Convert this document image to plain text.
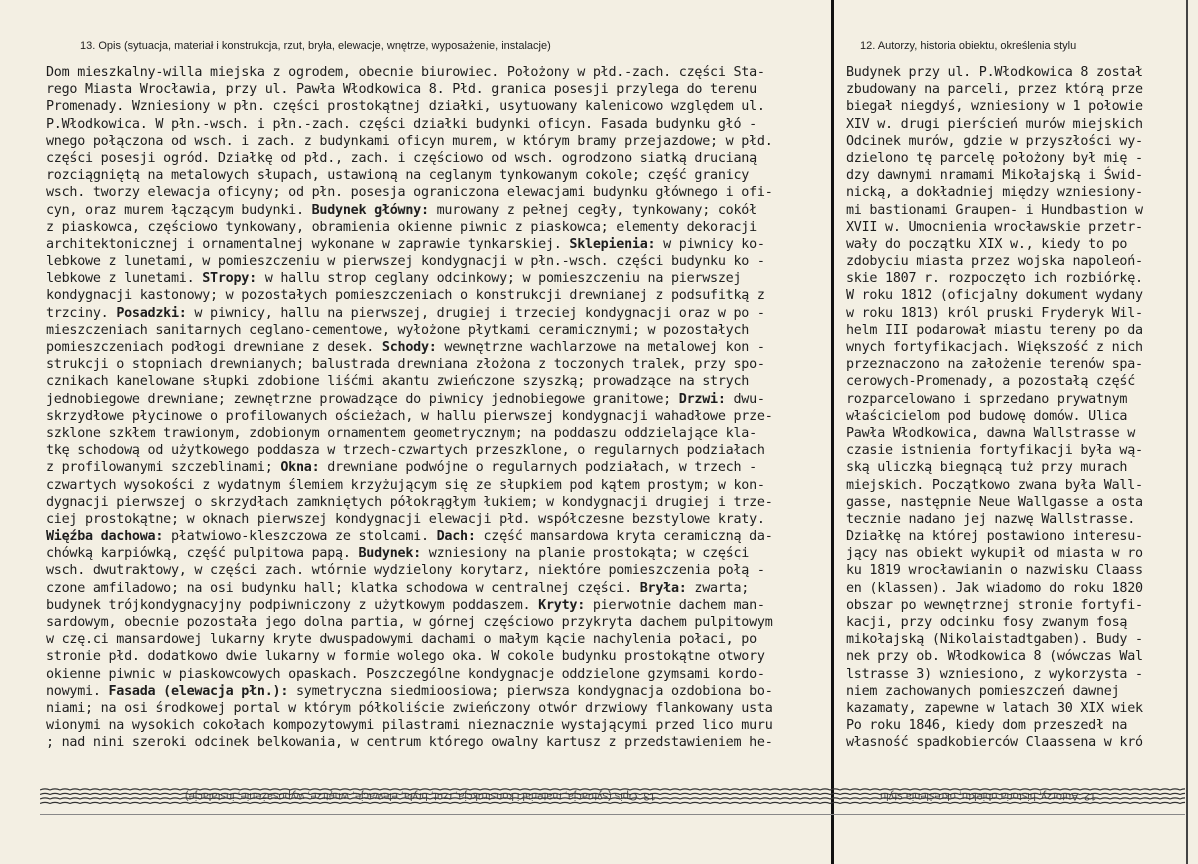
13. Opis (sytuacja, materiał i konstrukcja, rzut, bryła, elewacje, wnętrze, wyposażenie, instalacje)	12. Autorzy, historia obiektu, określenia stylu
Dom mieszkalny-willa miejska z ogrodem, obecnie biurowiec. Położony w płd.-zach. części Sta-
rego Miasta Wrocławia, przy ul. Pawła Włodkowica 8. Płd. granica posesji przylega do terenu
Promenady. Wzniesiony w płn. części prostokątnej działki, usytuowany kalenicowo względem ul.
P.Włodkowica. W płn.-wsch. i płn.-zach. części działki budynki oficyn. Fasada budynku głó -
wnego połączona od wsch. i zach. z budynkami oficyn murem, w którym bramy przejazdowe; w płd.
części posesji ogród. Działkę od płd., zach. i częściowo od wsch. ogrodzono siatką drucianą
rozciągniętą na metalowych słupach, ustawioną na ceglanym tynkowanym cokole; część granicy
wsch. tworzy elewacja oficyny; od płn. posesja ograniczona elewacjami budynku głównego i ofi-
cyn, oraz murem łączącym budynki. Budynek główny: murowany z pełnej cegły, tynkowany; cokół
z piaskowca, częściowo tynkowany, obramienia okienne piwnic z piaskowca; elementy dekoracji
architektonicznej i ornamentalnej wykonane w zaprawie tynkarskiej. Sklepienia: w piwnicy ko-
lebkowe z lunetami, w pomieszczeniu w pierwszej kondygnacji w płn.-wsch. części budynku ko -
lebkowe z lunetami. STropy: w hallu strop ceglany odcinkowy; w pomieszczeniu na pierwszej
kondygnacji kastonowy; w pozostałych pomieszczeniach o konstrukcji drewnianej z podsufitką z
trzciny. Posadzki: w piwnicy, hallu na pierwszej, drugiej i trzeciej kondygnacji oraz w po -
mieszczeniach sanitarnych ceglano-cementowe, wyłożone płytkami ceramicznymi; w pozostałych
pomieszczeniach podłogi drewniane z desek. Schody: wewnętrzne wachlarzowe na metalowej kon -
strukcji o stopniach drewnianych; balustrada drewniana złożona z toczonych tralek, przy spo-
cznikach kanelowane słupki zdobione liśćmi akantu zwieńczone szyszką; prowadzące na strych
jednobiegowe drewniane; zewnętrzne prowadzące do piwnicy jednobiegowe granitowe; Drzwi: dwu-
skrzydłowe płycinowe o profilowanych ościeżach, w hallu pierwszej kondygnacji wahadłowe prze-
szklone szkłem trawionym, zdobionym ornamentem geometrycznym; na poddaszu oddzielające kla-
tkę schodową od użytkowego poddasza w trzech-czwartych przeszklone, o regularnych podziałach
z profilowanymi szczeblinami; Okna: drewniane podwójne o regularnych podziałach, w trzech -
czwartych wysokości z wydatnym ślemiem krzyżującym się ze słupkiem pod kątem prostym; w kon-
dygnacji pierwszej o skrzydłach zamkniętych półokrągłym łukiem; w kondygnacji drugiej i trze-
ciej prostokątne; w oknach pierwszej kondygnacji elewacji płd. współczesne bezstylowe kraty.
Więźba dachowa: płatwiowo-kleszczowa ze stolcami. Dach: część mansardowa kryta ceramiczną da-
chówką karpiówką, część pulpitowa papą. Budynek: wzniesiony na planie prostokąta; w części
wsch. dwutraktowy, w części zach. wtórnie wydzielony korytarz, niektóre pomieszczenia połą -
czone amfiladowo; na osi budynku hall; klatka schodowa w centralnej części. Bryła: zwarta;
budynek trójkondygnacyjny podpiwniczony z użytkowym poddaszem. Kryty: pierwotnie dachem man-
sardowym, obecnie pozostała jego dolna partia, w górnej częściowo przykryta dachem pulpitowym
w czę.ci mansardowej lukarny kryte dwuspadowymi dachami o małym kącie nachylenia połaci, po
stronie płd. dodatkowo dwie lukarny w formie wolego oka. W cokole budynku prostokątne otwory
okienne piwnic w piaskowcowych opaskach. Poszczególne kondygnacje oddzielone gzymsami kordo-
nowymi. Fasada (elewacja płn.): symetryczna siedmioosiowa; pierwsza kondygnacja ozdobiona bo-
niami; na osi środkowej portal w którym półkoliście zwieńczony otwór drzwiowy flankowany usta
wionymi na wysokich cokołach kompozytowymi pilastrami nieznacznie wystającymi przed lico muru
; nad nini szeroki odcinek belkowania, w centrum którego owalny kartusz z przedstawieniem he-
Budynek przy ul. P.Włodkowica 8 został
zbudowany na parceli, przez którą prze
biegał niegdyś, wzniesiony w 1 połowie
XIV w. drugi pierścień murów miejskich
Odcinek murów, gdzie w przyszłości wy-
dzielono tę parcelę położony był mię -
dzy dawnymi nramami Mikołajską i Świd-
nicką, a dokładniej między wzniesiony-
mi bastionami Graupen- i Hundbastion w
XVII w. Umocnienia wrocławskie przetr-
wały do początku XIX w., kiedy to po
zdobyciu miasta przez wojska napoleoń-
skie 1807 r. rozpoczęto ich rozbiórkę.
W roku 1812 (oficjalny dokument wydany
w roku 1813) król pruski Fryderyk Wil-
helm III podarował miastu tereny po da
wnych fortyfikacjach. Większość z nich
przeznaczono na założenie terenów spa-
cerowych-Promenady, a pozostałą część
rozparcelowano i sprzedano prywatnym
właścicielom pod budowę domów. Ulica
Pawła Włodkowica, dawna Wallstrasse w
czasie istnienia fortyfikacji była wą-
ską uliczką biegnącą tuż przy murach
miejskich. Początkowo zwana była Wall-
gasse, następnie Neue Wallgasse a osta
tecznie nadano jej nazwę Wallstrasse.
Działkę na której postawiono interesu-
jący nas obiekt wykupił od miasta w ro
ku 1819 wrocławianin o nazwisku Claass
en (klassen). Jak wiadomo do roku 1820
obszar po wewnętrznej stronie fortyfi-
kacji, przy odcinku fosy zwanym fosą
mikołajską (Nikolaistadtgaben). Budy -
nek przy ob. Włodkowica 8 (wówczas Wal
lstrasse 3) wzniesiono, z wykorzysta -
niem zachowanych pomieszczeń dawnej
kazamaty, zapewne w latach 30 XIX wiek
Po roku 1846, kiedy dom przeszedł na
własność spadkobierców Claassena w kró
13. Opis (sytuacja, materiał i konstrukcja, rzut, bryła, elewacje, wnętrze, wyposażenie, instalacje)	12. Autorzy, historia obiektu, określenia stylu
